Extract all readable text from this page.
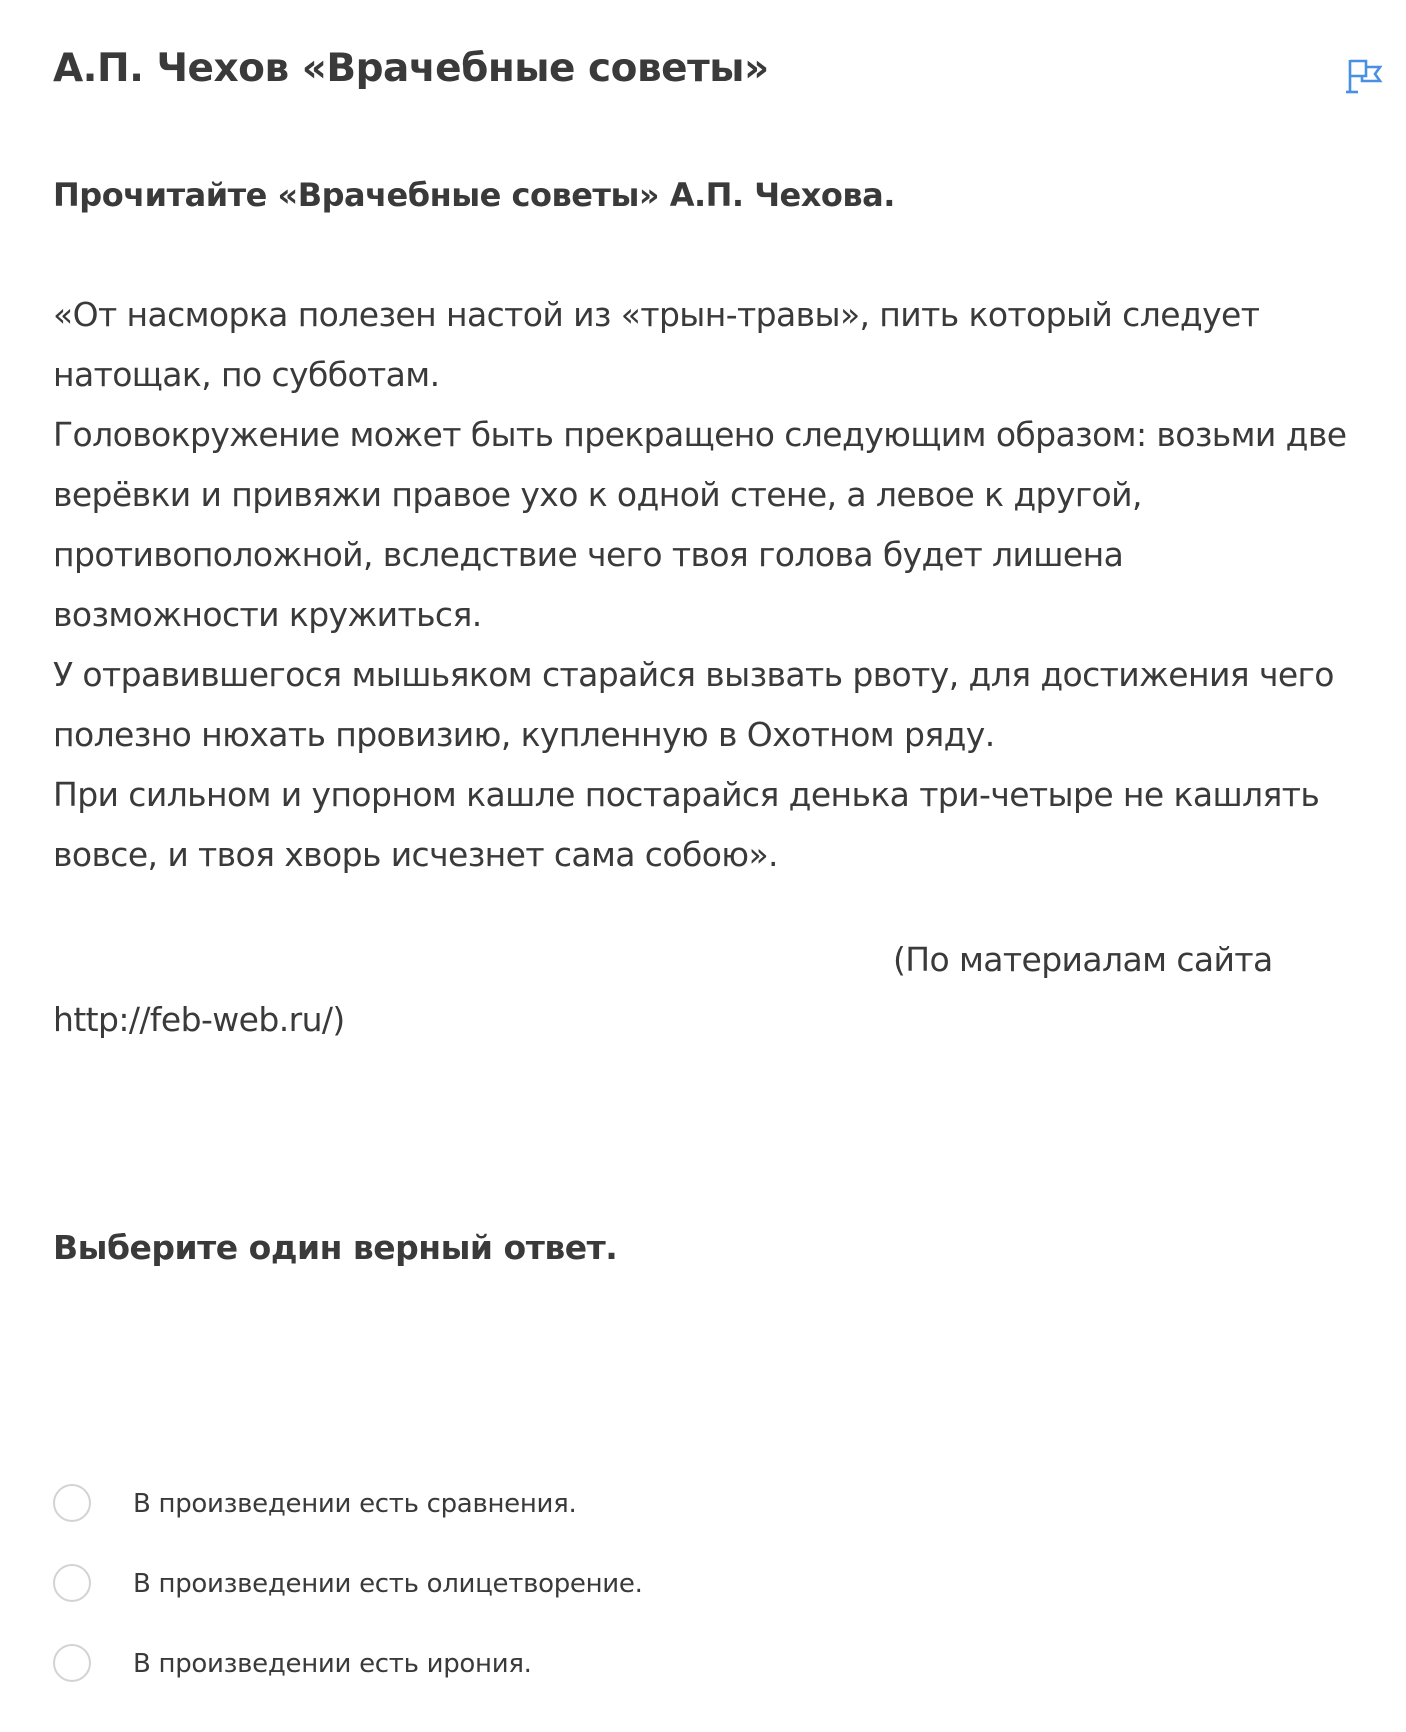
А.П. Чехов «Врачебные советы»

Прочитайте «Врачебные советы» А.П. Чехова.

«От насморка полезен настой из «трын-травы», пить который следует
натощак, по субботам.
Головокружение может быть прекращено следующим образом: возьми две
верёвки и привяжи правое ухо к одной стене, а левое к другой,
противоположной, вследствие чего твоя голова будет лишена
возможности кружиться.
У отравившегося мышьяком старайся вызвать рвоту, для достижения чего
полезно нюхать провизию, купленную в Охотном ряду.
При сильном и упорном кашле постарайся денька три-четыре не кашлять
вовсе, и твоя хворь исчезнет сама собою».
(По материалам сайта
http://feb-web.ru/)

Выберите один верный ответ.

В произведении есть сравнения.
В произведении есть олицетворение.
В произведении есть ирония.
